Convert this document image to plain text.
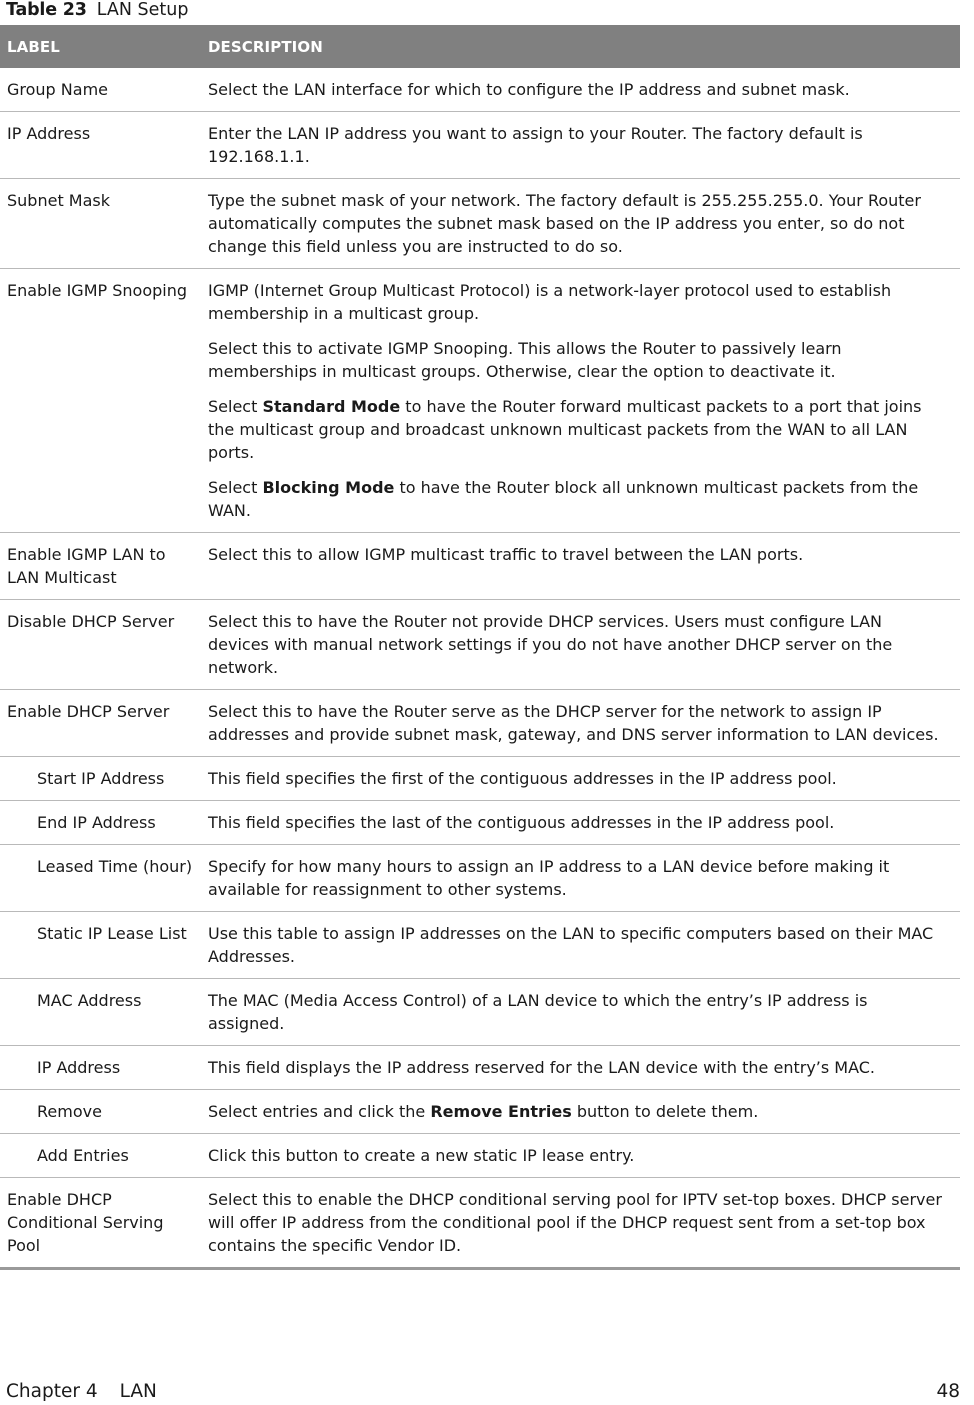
Table 23 LAN Setup
LABEL	DESCRIPTION
Group Name	Select the LAN interface for which to configure the IP address and subnet mask.
IP Address	Enter the LAN IP address you want to assign to your Router. The factory default is 192.168.1.1.
Subnet Mask	Type the subnet mask of your network. The factory default is 255.255.255.0. Your Router automatically computes the subnet mask based on the IP address you enter, so do not change this field unless you are instructed to do so.
Enable IGMP Snooping	IGMP (Internet Group Multicast Protocol) is a network-layer protocol used to establish membership in a multicast group.

Select this to activate IGMP Snooping. This allows the Router to passively learn memberships in multicast groups. Otherwise, clear the option to deactivate it.

Select Standard Mode to have the Router forward multicast packets to a port that joins the multicast group and broadcast unknown multicast packets from the WAN to all LAN ports.

Select Blocking Mode to have the Router block all unknown multicast packets from the WAN.

Enable IGMP LAN to LAN Multicast	Select this to allow IGMP multicast traffic to travel between the LAN ports.
Disable DHCP Server	Select this to have the Router not provide DHCP services. Users must configure LAN devices with manual network settings if you do not have another DHCP server on the network.
Enable DHCP Server	Select this to have the Router serve as the DHCP server for the network to assign IP addresses and provide subnet mask, gateway, and DNS server information to LAN devices.
Start IP Address	This field specifies the first of the contiguous addresses in the IP address pool.
End IP Address	This field specifies the last of the contiguous addresses in the IP address pool.
Leased Time (hour)	Specify for how many hours to assign an IP address to a LAN device before making it available for reassignment to other systems.
Static IP Lease List	Use this table to assign IP addresses on the LAN to specific computers based on their MAC Addresses.
MAC Address	The MAC (Media Access Control) of a LAN device to which the entry’s IP address is assigned.
IP Address	This field displays the IP address reserved for the LAN device with the entry’s MAC.
Remove	Select entries and click the Remove Entries button to delete them.
Add Entries	Click this button to create a new static IP lease entry.
Enable DHCP Conditional Serving Pool	Select this to enable the DHCP conditional serving pool for IPTV set-top boxes. DHCP server will offer IP address from the conditional pool if the DHCP request sent from a set-top box contains the specific Vendor ID.
Chapter 4 LAN	48
